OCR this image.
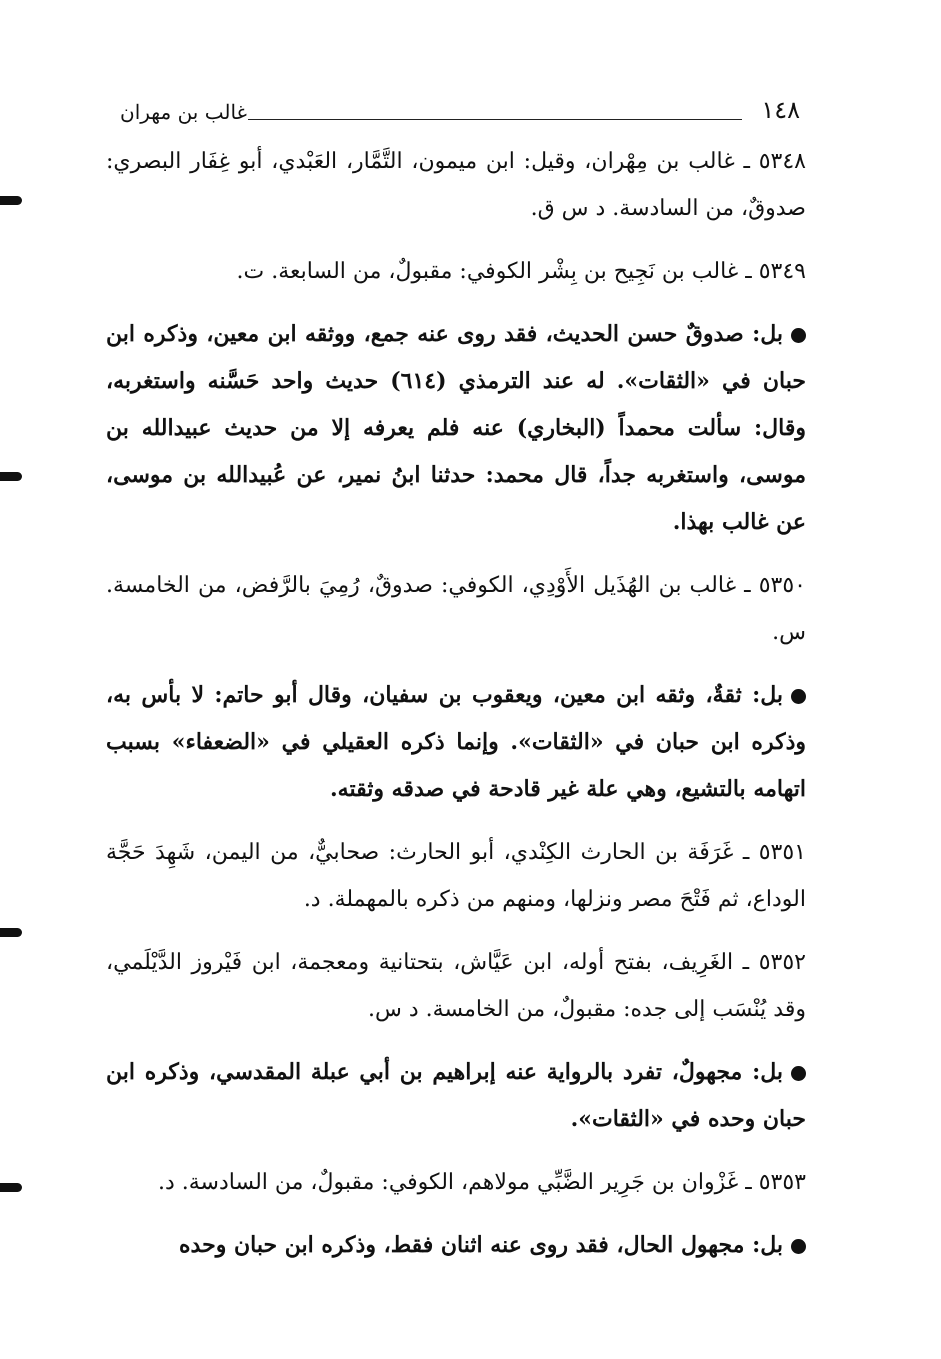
١٤٨
غالب بن مهران

٥٣٤٨ ـ غالب بن مِهْران، وقيل: ابن ميمون، التَّمَّار، العَبْدي، أبو غِفَار البصري: صدوقٌ، من السادسة. د س ق.

٥٣٤٩ ـ غالب بن نَجِيح بن بِشْر الكوفي: مقبولٌ، من السابعة. ت.

بل: صدوقٌ حسن الحديث، فقد روى عنه جمع، ووثقه ابن معين، وذكره ابن حبان في «الثقات». له عند الترمذي (٦١٤) حديث واحد حَسَّنه واستغربه، وقال: سألت محمداً (البخاري) عنه فلم يعرفه إلا من حديث عبيدالله بن موسى، واستغربه جداً، قال محمد: حدثنا ابنُ نمير، عن عُبيدالله بن موسى، عن غالب بهذا.

٥٣٥٠ ـ غالب بن الهُذَيل الأَوْدِي، الكوفي: صدوقٌ، رُمِيَ بالرَّفض، من الخامسة. س.

بل: ثقةٌ، وثقه ابن معين، ويعقوب بن سفيان، وقال أبو حاتم: لا بأس به، وذكره ابن حبان في «الثقات». وإنما ذكره العقيلي في «الضعفاء» بسبب اتهامه بالتشيع، وهي علة غير قادحة في صدقه وثقته.

٥٣٥١ ـ غَرَفَة بن الحارث الكِنْدي، أبو الحارث: صحابيٌّ، من اليمن، شَهِدَ حَجَّة الوداع، ثم فَتْحَ مصر ونزلها، ومنهم من ذكره بالمهملة. د.

٥٣٥٢ ـ الغَرِيف، بفتح أوله، ابن عَيَّاش، بتحتانية ومعجمة، ابن فَيْروز الدَّيْلَمي، وقد يُنْسَب إلى جده: مقبولٌ، من الخامسة. د س.

بل: مجهولٌ، تفرد بالرواية عنه إبراهيم بن أبي عبلة المقدسي، وذكره ابن حبان وحده في «الثقات».

٥٣٥٣ ـ غَزْوان بن جَرِير الضَّبِّي مولاهم، الكوفي: مقبولٌ، من السادسة. د.

بل: مجهول الحال، فقد روى عنه اثنان فقط، وذكره ابن حبان وحده
